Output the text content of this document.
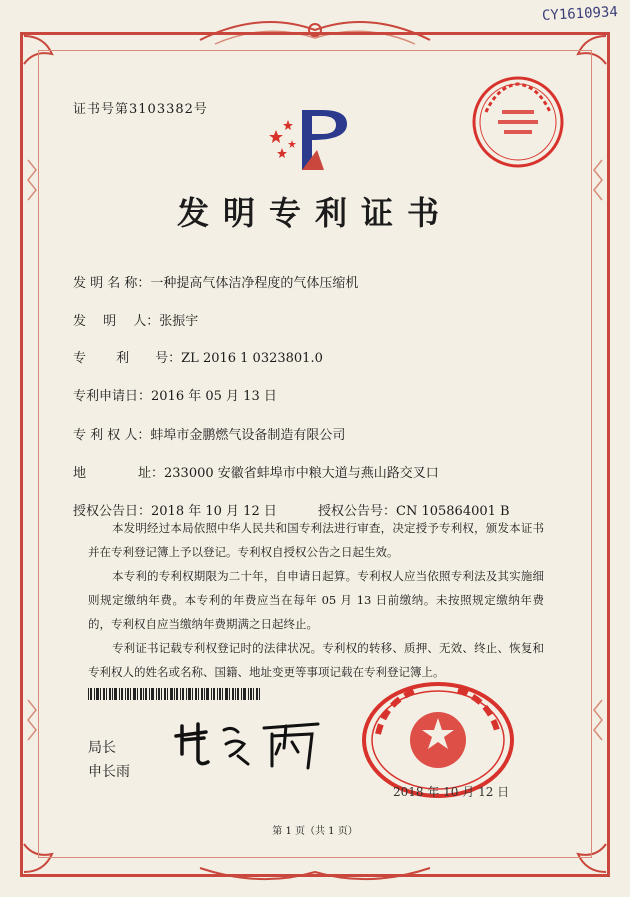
CY1610934
证书号第3103382号
发明专利证书
发 明 名 称：一种提高气体洁净程度的气体压缩机
发　 明　 人：张振宇
专　　 利　　号：ZL 2016 1 0323801.0
专利申请日：2016 年 05 月 13 日
专 利 权 人：蚌埠市金鹏燃气设备制造有限公司
地　　　　址：233000 安徽省蚌埠市中粮大道与燕山路交叉口
授权公告日：2018 年 10 月 12 日	授权公告号：CN 105864001 B

本发明经过本局依照中华人民共和国专利法进行审查，决定授予专利权，颁发本证书并在专利登记簿上予以登记。专利权自授权公告之日起生效。

本专利的专利权期限为二十年，自申请日起算。专利权人应当依照专利法及其实施细则规定缴纳年费。本专利的年费应当在每年 05 月 13 日前缴纳。未按照规定缴纳年费的，专利权自应当缴纳年费期满之日起终止。

专利证书记载专利权登记时的法律状况。专利权的转移、质押、无效、终止、恢复和专利权人的姓名或名称、国籍、地址变更等事项记载在专利登记簿上。

局长
申长雨
2018 年 10 月 12 日
第 1 页（共 1 页）
